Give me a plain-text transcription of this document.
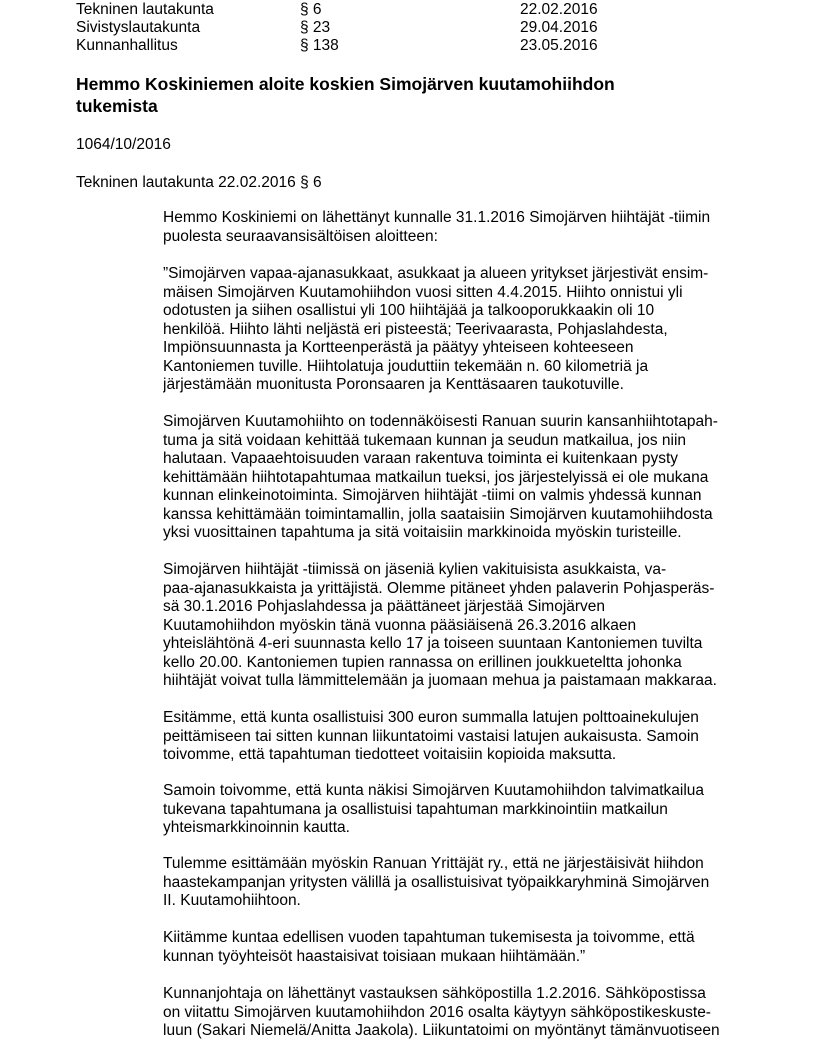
Tekninen lautakunta	§ 6	22.02.2016
Sivistyslautakunta	§ 23	29.04.2016
Kunnanhallitus	§ 138	23.05.2016
Hemmo Koskiniemen aloite koskien Simojärven kuutamohiihdon
tukemista
1064/10/2016
Tekninen lautakunta 22.02.2016 § 6
Hemmo Koskiniemi on lähettänyt kunnalle 31.1.2016 Simojärven hiihtäjät -tiimin
puolesta seuraavansisältöisen aloitteen:
”Simojärven vapaa-ajanasukkaat, asukkaat ja alueen yritykset järjestivät ensim-
mäisen Simojärven Kuutamohiihdon vuosi sitten 4.4.2015. Hiihto onnistui yli
odotusten ja siihen osallistui yli 100 hiihtäjää ja talkooporukkaakin oli 10
henkilöä. Hiihto lähti neljästä eri pisteestä; Teerivaarasta, Pohjaslahdesta,
Impiönsuunnasta ja Kortteenperästä ja päätyy yhteiseen kohteeseen
Kantoniemen tuville. Hiihtolatuja jouduttiin tekemään n. 60 kilometriä ja
järjestämään muonitusta Poronsaaren ja Kenttäsaaren taukotuville.
Simojärven Kuutamohiihto on todennäköisesti Ranuan suurin kansanhiihtotapah-
tuma ja sitä voidaan kehittää tukemaan kunnan ja seudun matkailua, jos niin
halutaan. Vapaaehtoisuuden varaan rakentuva toiminta ei kuitenkaan pysty
kehittämään hiihtotapahtumaa matkailun tueksi, jos järjestelyissä ei ole mukana
kunnan elinkeinotoiminta. Simojärven hiihtäjät -tiimi on valmis yhdessä kunnan
kanssa kehittämään toimintamallin, jolla saataisiin Simojärven kuutamohiihdosta
yksi vuosittainen tapahtuma ja sitä voitaisiin markkinoida myöskin turisteille.
Simojärven hiihtäjät -tiimissä on jäseniä kylien vakituisista asukkaista, va-
paa-ajanasukkaista ja yrittäjistä. Olemme pitäneet yhden palaverin Pohjasperäs-
sä 30.1.2016 Pohjaslahdessa ja päättäneet järjestää Simojärven
Kuutamohiihdon myöskin tänä vuonna pääsiäisenä 26.3.2016 alkaen
yhteislähtönä 4-eri suunnasta kello 17 ja toiseen suuntaan Kantoniemen tuvilta
kello 20.00. Kantoniemen tupien rannassa on erillinen joukkueteltta johonka
hiihtäjät voivat tulla lämmittelemään ja juomaan mehua ja paistamaan makkaraa.
Esitämme, että kunta osallistuisi 300 euron summalla latujen polttoainekulujen
peittämiseen tai sitten kunnan liikuntatoimi vastaisi latujen aukaisusta. Samoin
toivomme, että tapahtuman tiedotteet voitaisiin kopioida maksutta.
Samoin toivomme, että kunta näkisi Simojärven Kuutamohiihdon talvimatkailua
tukevana tapahtumana ja osallistuisi tapahtuman markkinointiin matkailun
yhteismarkkinoinnin kautta.
Tulemme esittämään myöskin Ranuan Yrittäjät ry., että ne järjestäisivät hiihdon
haastekampanjan yritysten välillä ja osallistuisivat työpaikkaryhminä Simojärven
II. Kuutamohiihtoon.
Kiitämme kuntaa edellisen vuoden tapahtuman tukemisesta ja toivomme, että
kunnan työyhteisöt haastaisivat toisiaan mukaan hiihtämään.”
Kunnanjohtaja on lähettänyt vastauksen sähköpostilla 1.2.2016. Sähköpostissa
on viitattu Simojärven kuutamohiihdon 2016 osalta käytyyn sähköpostikeskuste-
luun (Sakari Niemelä/Anitta Jaakola). Liikuntatoimi on myöntänyt tämänvuotiseen
